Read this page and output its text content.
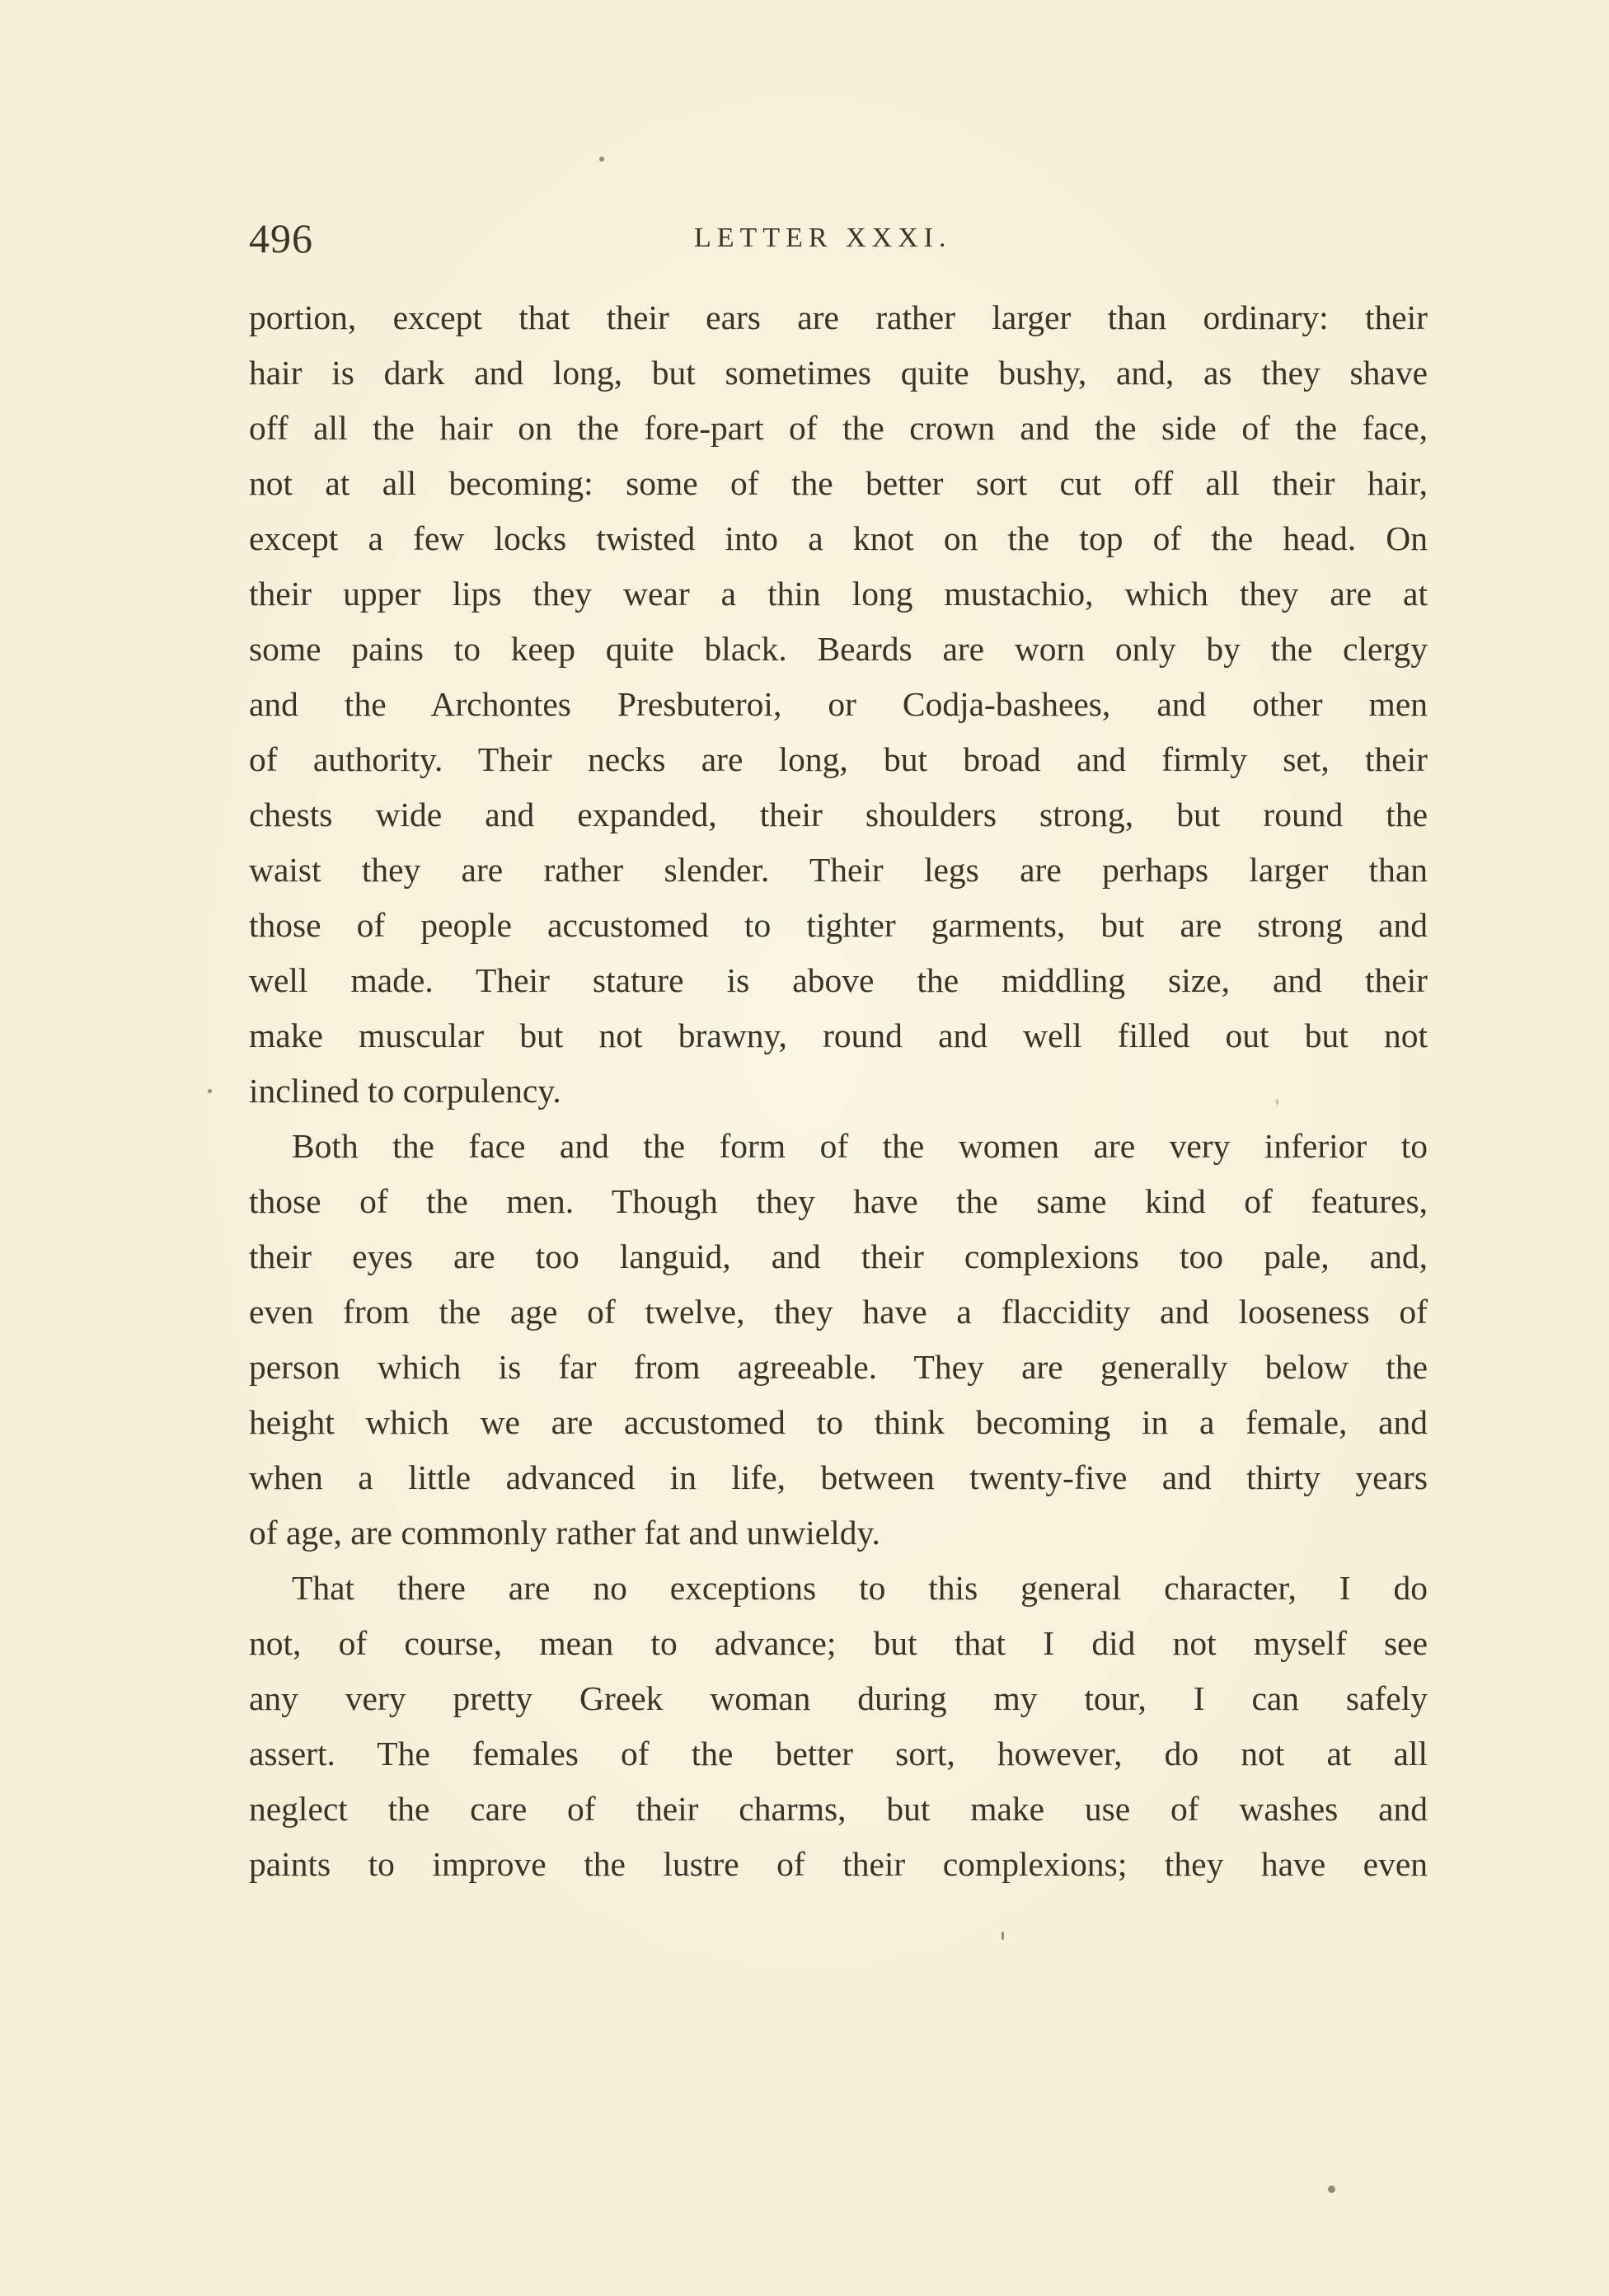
496	LETTER XXXI.
portion, except that their ears are rather larger than ordinary: their
hair is dark and long, but sometimes quite bushy, and, as they shave
off all the hair on the fore-part of the crown and the side of the face,
not at all becoming: some of the better sort cut off all their hair,
except a few locks twisted into a knot on the top of the head. On
their upper lips they wear a thin long mustachio, which they are at
some pains to keep quite black. Beards are worn only by the clergy
and the Archontes Presbuteroi, or Codja-bashees, and other men
of authority. Their necks are long, but broad and firmly set, their
chests wide and expanded, their shoulders strong, but round the
waist they are rather slender. Their legs are perhaps larger than
those of people accustomed to tighter garments, but are strong and
well made. Their stature is above the middling size, and their
make muscular but not brawny, round and well filled out but not
inclined to corpulency.
Both the face and the form of the women are very inferior to
those of the men. Though they have the same kind of features,
their eyes are too languid, and their complexions too pale, and,
even from the age of twelve, they have a flaccidity and looseness of
person which is far from agreeable. They are generally below the
height which we are accustomed to think becoming in a female, and
when a little advanced in life, between twenty-five and thirty years
of age, are commonly rather fat and unwieldy.
That there are no exceptions to this general character, I do
not, of course, mean to advance; but that I did not myself see
any very pretty Greek woman during my tour, I can safely
assert. The females of the better sort, however, do not at all
neglect the care of their charms, but make use of washes and
paints to improve the lustre of their complexions; they have even
